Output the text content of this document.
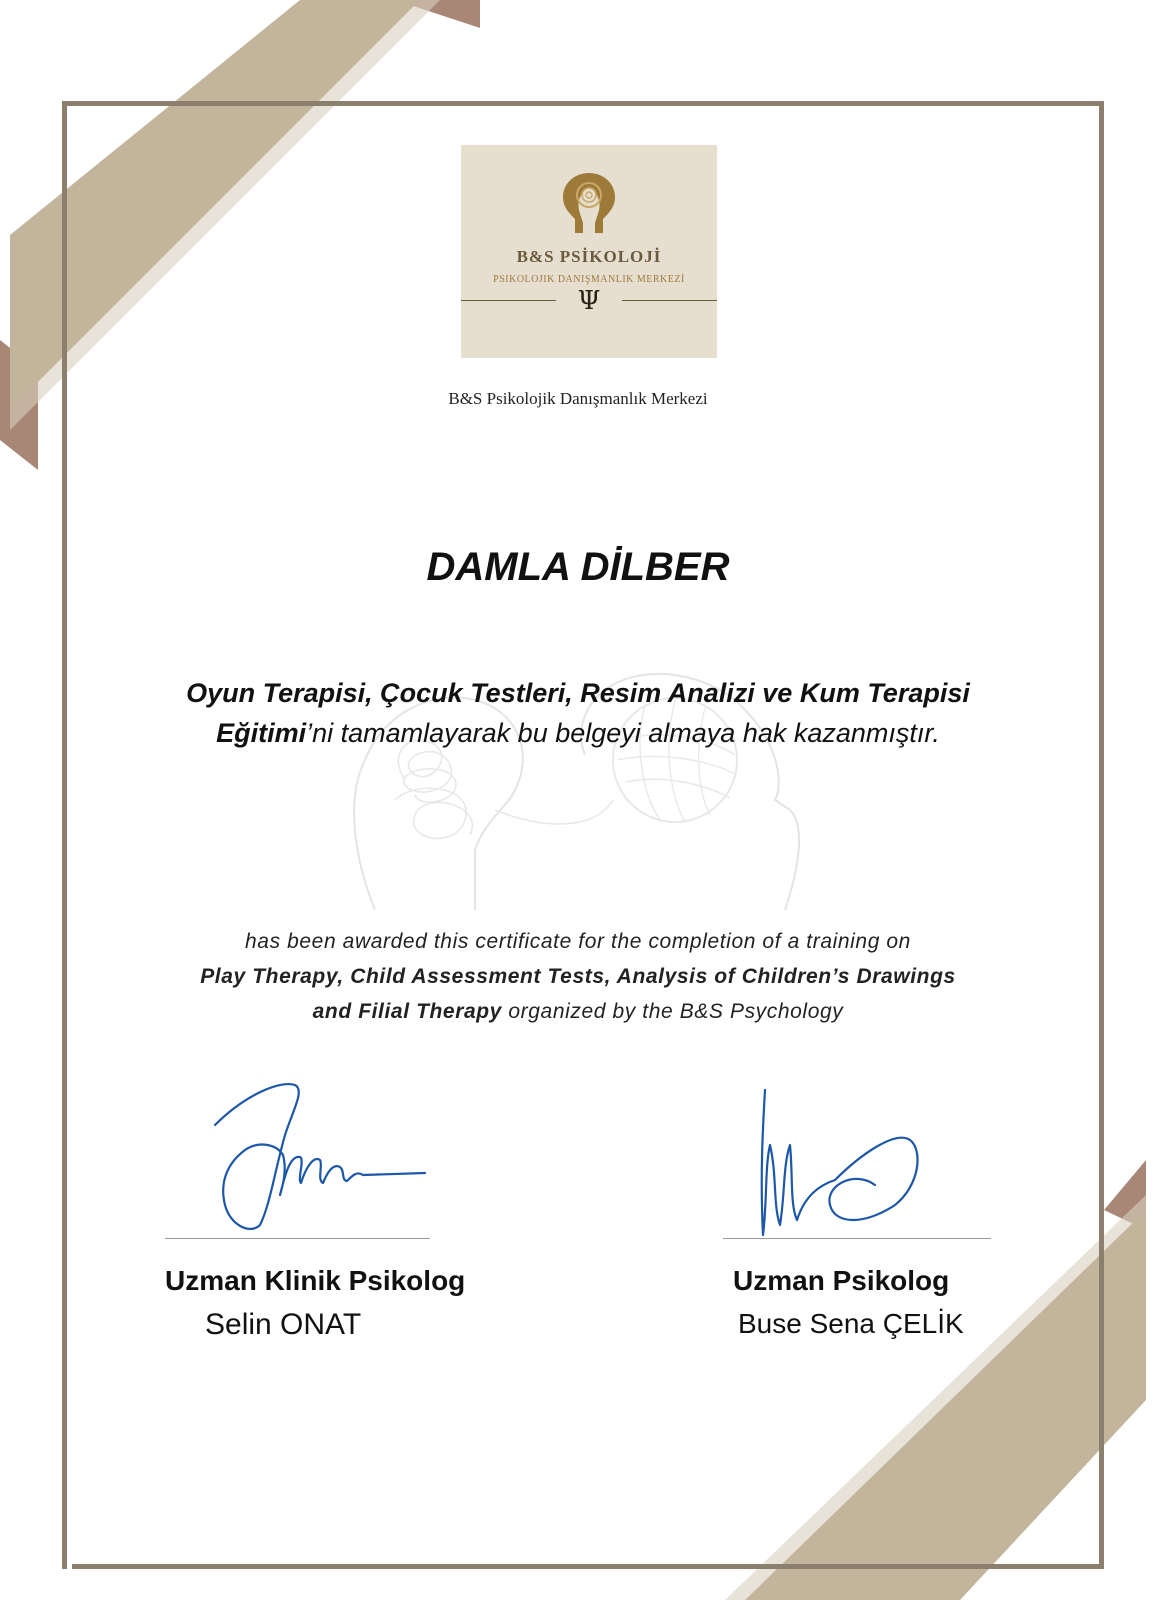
B&S PSİKOLOJİ
PSIKOLOJIK DANIŞMANLIK MERKEZİ
Ψ
B&S Psikolojik Danışmanlık Merkezi
DAMLA DİLBER
Oyun Terapisi, Çocuk Testleri, Resim Analizi ve Kum Terapisi
Eğitimi’ni tamamlayarak bu belgeyi almaya hak kazanmıştır.
has been awarded this certificate for the completion of a training on
Play Therapy, Child Assessment Tests, Analysis of Children’s Drawings
and Filial Therapy organized by the B&S Psychology
Uzman Klinik Psikolog
Selin ONAT
Uzman Psikolog
Buse Sena ÇELİK
